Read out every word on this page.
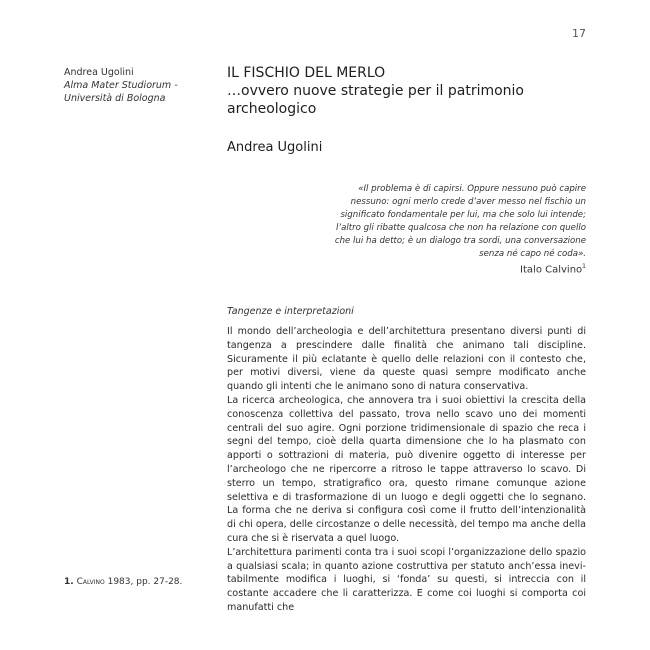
17
Andrea Ugolini
Alma Mater Studiorum -
Università di Bologna
IL FISCHIO DEL MERLO
…ovvero nuove strategie per il patrimonio
archeologico
Andrea Ugolini
«Il problema è di capirsi. Oppure nessuno può capire nessuno: ogni merlo crede d’aver messo nel fischio un significato fondamentale per lui, ma che solo lui intende; l’altro gli ribatte qualcosa che non ha relazione con quello che lui ha detto; è un dialogo tra sordi, una conversazione senza né capo né coda».
Italo Calvino$^1$
Tangenze e interpretazioni

Il mondo dell’archeologia e dell’architettura presentano diversi punti di tangenza a prescindere dalle finalità che animano tali discipline. Sicuramente il più eclatante è quello delle relazioni con il contesto che, per motivi diversi, viene da queste quasi sempre modificato anche quando gli intenti che le animano sono di natura conservativa.

La ricerca archeologica, che annovera tra i suoi obiettivi la crescita della conoscenza collettiva del passato, trova nello scavo uno dei momenti centrali del suo agire. Ogni porzione tridimensionale di spazio che reca i segni del tempo, cioè della quarta dimensione che lo ha plasmato con apporti o sottrazioni di materia, può divenire oggetto di interesse per l’archeologo che ne ripercorre a ritroso le tappe attraverso lo scavo. Di sterro un tempo, stratigrafico ora, questo rimane comunque azione selettiva e di trasformazione di un luogo e degli oggetti che lo segnano. La forma che ne deriva si configura così come il frutto dell’intenzionalità di chi opera, delle circostanze o delle necessità, del tempo ma anche della cura che si è riservata a quel luogo.

L’architettura parimenti conta tra i suoi scopi l’organizzazione dello spazio a qualsiasi scala; in quanto azione costruttiva per statuto anch’essa inevitabilmente modifica i luoghi, si ‘fonda’ su questi, si intreccia con il costante accadere che li caratterizza. E come coi luoghi si comporta coi manufatti che

1. Calvino 1983, pp. 27-28.
